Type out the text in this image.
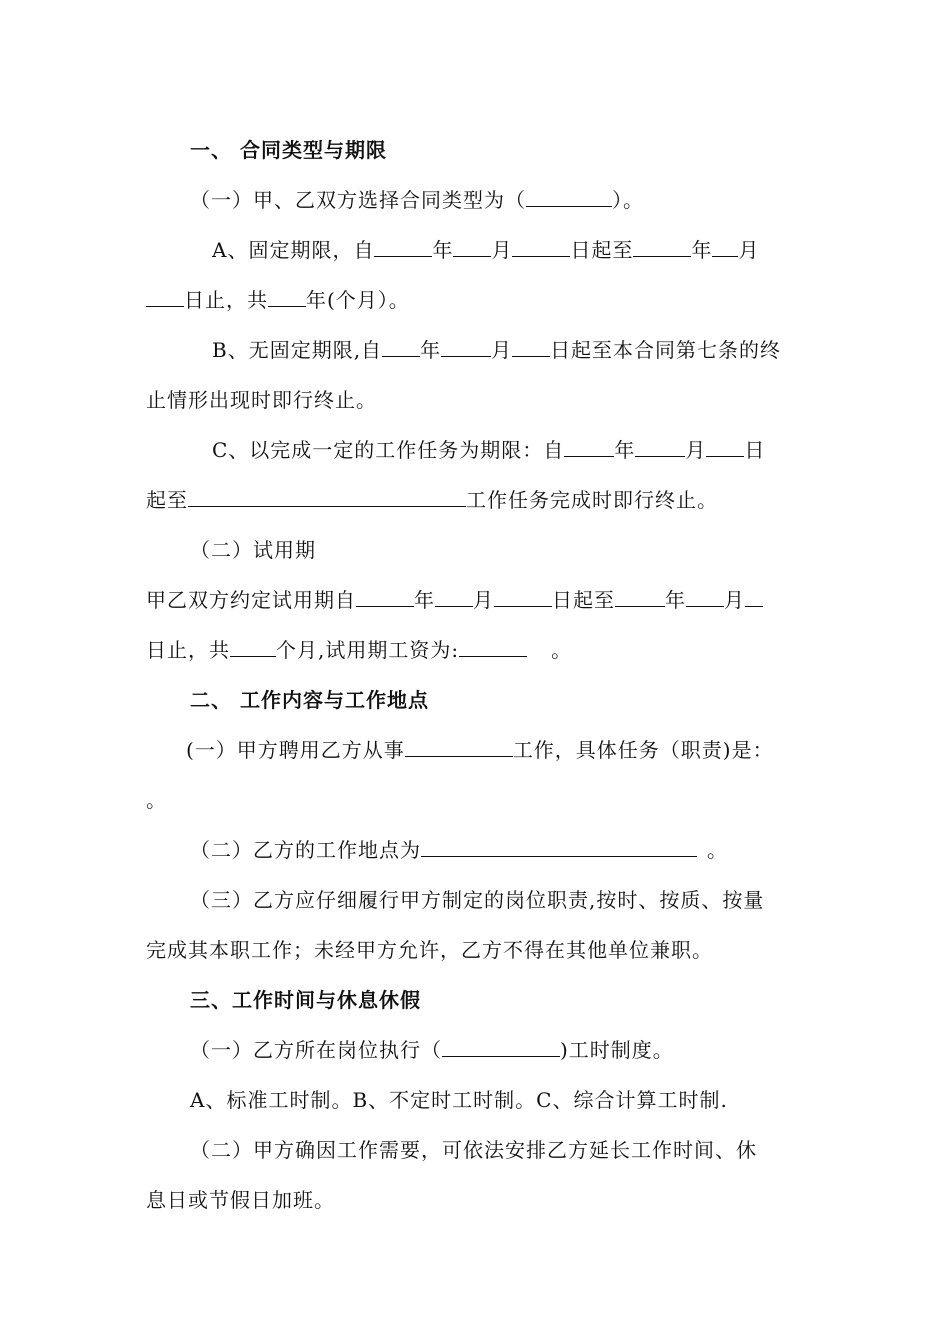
一、 合同类型与期限
（一）甲、乙双方选择合同类型为（	）。
A、固定期限，自	年 月	日起至	年 月
日止，共 年(个月）。
B、无固定期限,自 年	月 日起至本合同第七条的终
止情形出现时即行终止。
C、以完成一定的工作任务为期限：自	年	月 日
起至	工作任务完成时即行终止。
（二）试用期
甲乙双方约定试用期自	年 月	日起至	年 月
日止，共 个月,试用期工资为:	。
二、 工作内容与工作地点
(一）甲方聘用乙方从事	工作，具体任务（职责)是：
。
（二）乙方的工作地点为	。
（三）乙方应仔细履行甲方制定的岗位职责,按时、按质、按量
完成其本职工作；未经甲方允许，乙方不得在其他单位兼职。
三、工作时间与休息休假
（一）乙方所在岗位执行（	)工时制度。
A、标准工时制。B、不定时工时制。C、综合计算工时制.
（二）甲方确因工作需要，可依法安排乙方延长工作时间、休
息日或节假日加班。
